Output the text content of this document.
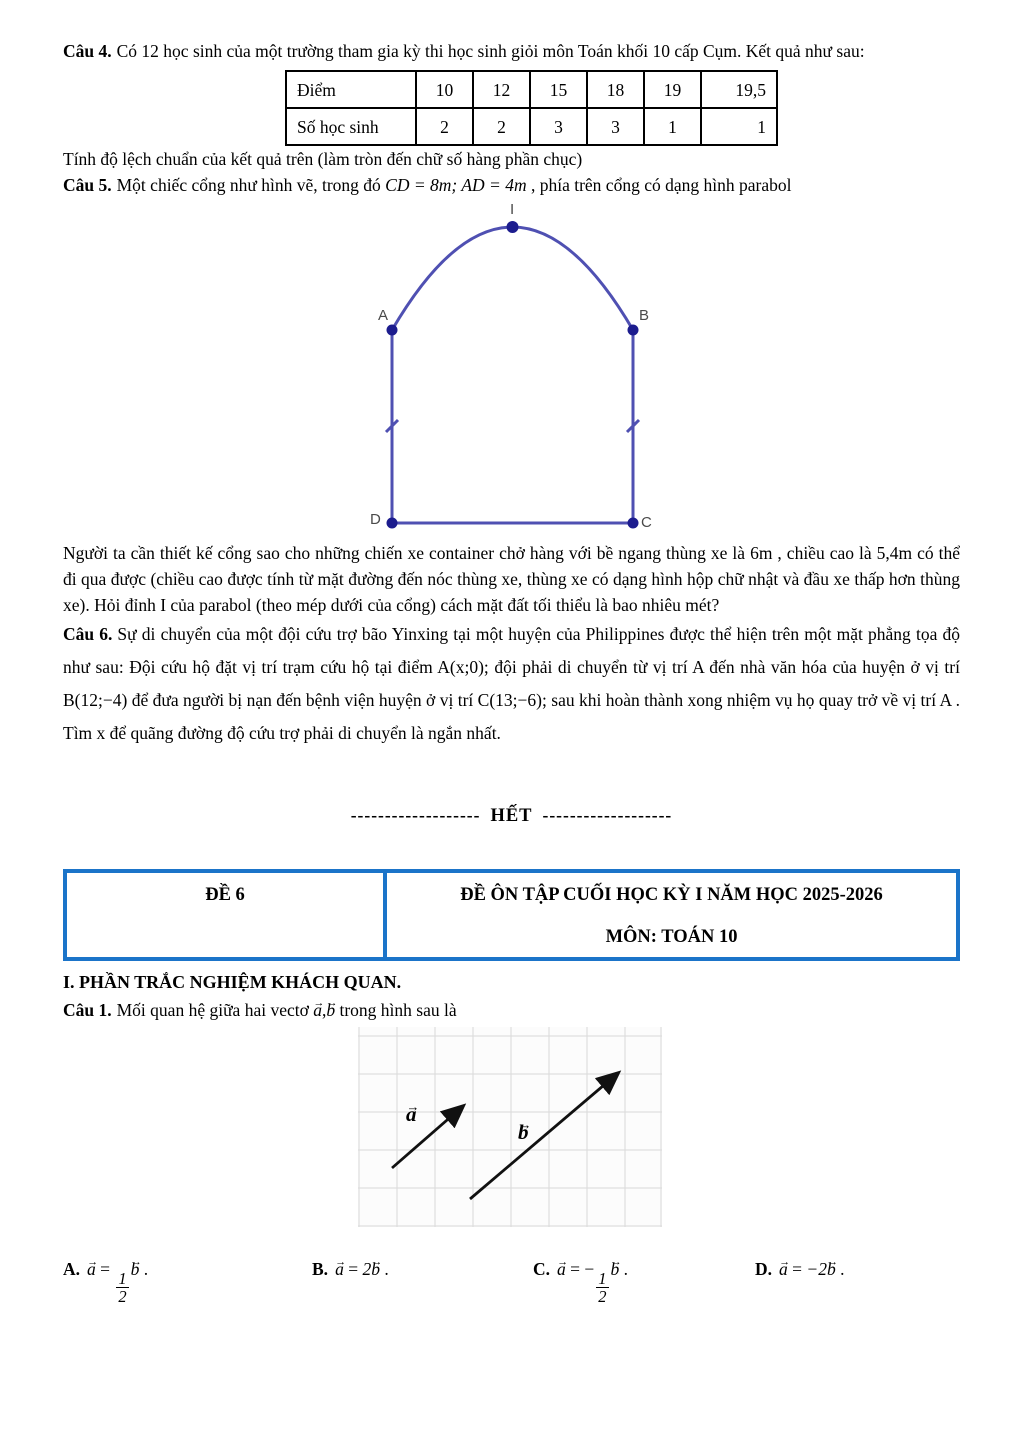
Câu 4. Có 12 học sinh của một trường tham gia kỳ thi học sinh giỏi môn Toán khối 10 cấp Cụm. Kết quả như sau:

Điểm	10	12	15	18	19	19,5
Số học sinh	2	2	3	3	1	1

Tính độ lệch chuẩn của kết quả trên (làm tròn đến chữ số hàng phần chục)

Câu 5. Một chiếc cổng như hình vẽ, trong đó CD = 8m; AD = 4m , phía trên cổng có dạng hình parabol

I
A	B
D	C

Người ta cần thiết kế cổng sao cho những chiến xe container chở hàng với bề ngang thùng xe là 6m , chiều cao là 5,4m có thể đi qua được (chiều cao được tính từ mặt đường đến nóc thùng xe, thùng xe có dạng hình hộp chữ nhật và đầu xe thấp hơn thùng xe). Hỏi đỉnh I của parabol (theo mép dưới của cổng) cách mặt đất tối thiểu là bao nhiêu mét?

Câu 6. Sự di chuyển của một đội cứu trợ bão Yinxing tại một huyện của Philippines được thể hiện trên một mặt phẳng tọa độ như sau: Đội cứu hộ đặt vị trí trạm cứu hộ tại điểm A(x;0); đội phải di chuyển từ vị trí A đến nhà văn hóa của huyện ở vị trí B(12;−4) để đưa người bị nạn đến bệnh viện huyện ở vị trí C(13;−6); sau khi hoàn thành xong nhiệm vụ họ quay trở về vị trí A . Tìm x để quãng đường độ cứu trợ phải di chuyển là ngắn nhất.

------------------- HẾT -------------------
ĐỀ 6	ĐỀ ÔN TẬP CUỐI HỌC KỲ I NĂM HỌC 2025-2026
MÔN: TOÁN 10

I. PHẦN TRẮC NGHIỆM KHÁCH QUAN.

Câu 1. Mối quan hệ giữa hai vectơ → a,→ b trong hình sau là

→ a
→ b
A. → a =
$\frac{1}{2}$
→ b .	B. → a = 2→ b .	C. → a = −
$\frac{1}{2}$
→ b .	D. → a = −2→ b .
